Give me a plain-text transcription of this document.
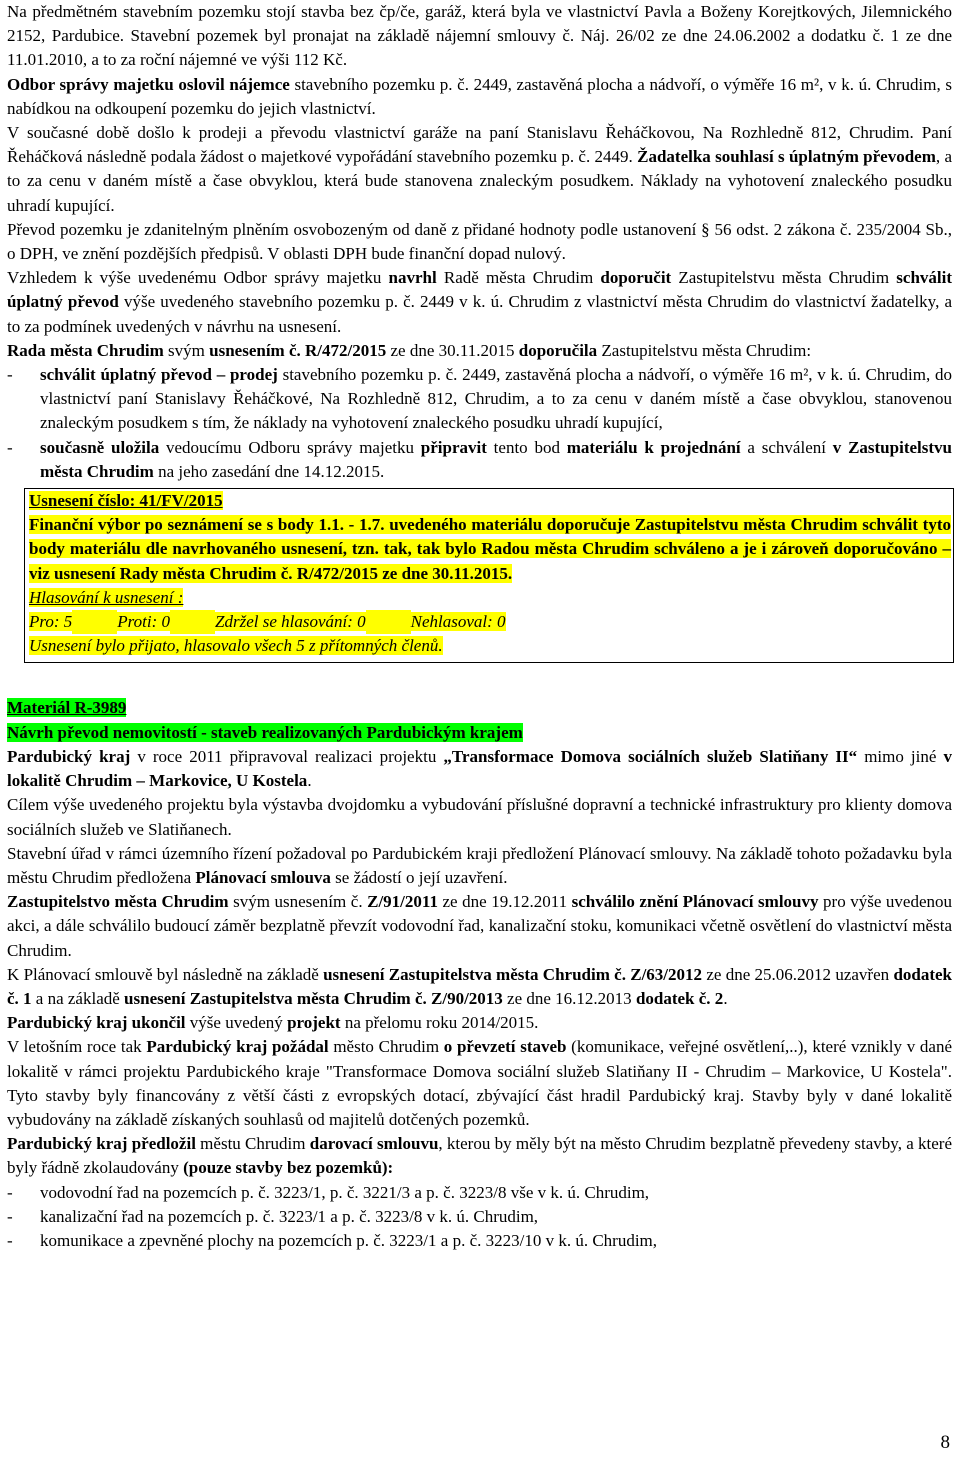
Na předmětném stavebním pozemku stojí stavba bez čp/če, garáž, která byla ve vlastnictví Pavla a Boženy Korejtkových, Jilemnického 2152, Pardubice. Stavební pozemek byl pronajat na základě nájemní smlouvy č. Náj. 26/02 ze dne 24.06.2002 a dodatku č. 1 ze dne 11.01.2010, a to za roční nájemné ve výši 112 Kč.

Odbor správy majetku oslovil nájemce stavebního pozemku p. č. 2449, zastavěná plocha a nádvoří, o výměře 16 m², v k. ú. Chrudim, s nabídkou na odkoupení pozemku do jejich vlastnictví.

V současné době došlo k prodeji a převodu vlastnictví garáže na paní Stanislavu Řeháčkovou, Na Rozhledně 812, Chrudim. Paní Řeháčková následně podala žádost o majetkové vypořádání stavebního pozemku p. č. 2449. Žadatelka souhlasí s úplatným převodem, a to za cenu v daném místě a čase obvyklou, která bude stanovena znaleckým posudkem. Náklady na vyhotovení znaleckého posudku uhradí kupující.

Převod pozemku je zdanitelným plněním osvobozeným od daně z přidané hodnoty podle ustanovení § 56 odst. 2 zákona č. 235/2004 Sb., o DPH, ve znění pozdějších předpisů. V oblasti DPH bude finanční dopad nulový.

Vzhledem k výše uvedenému Odbor správy majetku navrhl Radě města Chrudim doporučit Zastupitelstvu města Chrudim schválit úplatný převod výše uvedeného stavebního pozemku p. č. 2449 v k. ú. Chrudim z vlastnictví města Chrudim do vlastnictví žadatelky, a to za podmínek uvedených v návrhu na usnesení.

Rada města Chrudim svým usnesením č. R/472/2015 ze dne 30.11.2015 doporučila Zastupitelstvu města Chrudim:

-	schválit úplatný převod – prodej stavebního pozemku p. č. 2449, zastavěná plocha a nádvoří, o výměře 16 m², v k. ú. Chrudim, do vlastnictví paní Stanislavy Řeháčkové, Na Rozhledně 812, Chrudim, a to za cenu v daném místě a čase obvyklou, stanovenou znaleckým posudkem s tím, že náklady na vyhotovení znaleckého posudku uhradí kupující,
-	současně uložila vedoucímu Odboru správy majetku připravit tento bod materiálu k projednání a schválení v Zastupitelstvu města Chrudim na jeho zasedání dne 14.12.2015.

Usnesení číslo: 41/FV/2015

Finanční výbor po seznámení se s body 1.1. - 1.7. uvedeného materiálu doporučuje Zastupitelstvu města Chrudim schválit tyto body materiálu dle navrhovaného usnesení, tzn. tak, tak bylo Radou města Chrudim schváleno a je i zároveň doporučováno – viz usnesení Rady města Chrudim č. R/472/2015 ze dne 30.11.2015.

Hlasování k usnesení :

Pro: 5	Proti: 0	Zdržel se hlasování: 0	Nehlasoval: 0

Usnesení bylo přijato, hlasovalo všech 5 z přítomných členů.

Materiál R-3989

Návrh převod nemovitostí - staveb realizovaných Pardubickým krajem

Pardubický kraj v roce 2011 připravoval realizaci projektu „Transformace Domova sociálních služeb Slatiňany II“ mimo jiné v lokalitě Chrudim – Markovice, U Kostela.

Cílem výše uvedeného projektu byla výstavba dvojdomku a vybudování příslušné dopravní a technické infrastruktury pro klienty domova sociálních služeb ve Slatiňanech.

Stavební úřad v rámci územního řízení požadoval po Pardubickém kraji předložení Plánovací smlouvy. Na základě tohoto požadavku byla městu Chrudim předložena Plánovací smlouva se žádostí o její uzavření.

Zastupitelstvo města Chrudim svým usnesením č. Z/91/2011 ze dne 19.12.2011 schválilo znění Plánovací smlouvy pro výše uvedenou akci, a dále schválilo budoucí záměr bezplatně převzít vodovodní řad, kanalizační stoku, komunikaci včetně osvětlení do vlastnictví města Chrudim.

K Plánovací smlouvě byl následně na základě usnesení Zastupitelstva města Chrudim č. Z/63/2012 ze dne 25.06.2012 uzavřen dodatek č. 1 a na základě usnesení Zastupitelstva města Chrudim č. Z/90/2013 ze dne 16.12.2013 dodatek č. 2.

Pardubický kraj ukončil výše uvedený projekt na přelomu roku 2014/2015.

V letošním roce tak Pardubický kraj požádal město Chrudim o převzetí staveb (komunikace, veřejné osvětlení,..), které vznikly v dané lokalitě v rámci projektu Pardubického kraje "Transformace Domova sociální služeb Slatiňany II - Chrudim – Markovice, U Kostela". Tyto stavby byly financovány z větší části z evropských dotací, zbývající část hradil Pardubický kraj. Stavby byly v dané lokalitě vybudovány na základě získaných souhlasů od majitelů dotčených pozemků.

Pardubický kraj předložil městu Chrudim darovací smlouvu, kterou by měly být na město Chrudim bezplatně převedeny stavby, a které byly řádně zkolaudovány (pouze stavby bez pozemků):

-	vodovodní řad na pozemcích p. č. 3223/1, p. č. 3221/3 a p. č. 3223/8 vše v k. ú. Chrudim,
-	kanalizační řad na pozemcích p. č. 3223/1 a p. č. 3223/8 v k. ú. Chrudim,
-	komunikace a zpevněné plochy na pozemcích p. č. 3223/1 a p. č. 3223/10 v k. ú. Chrudim,
8
